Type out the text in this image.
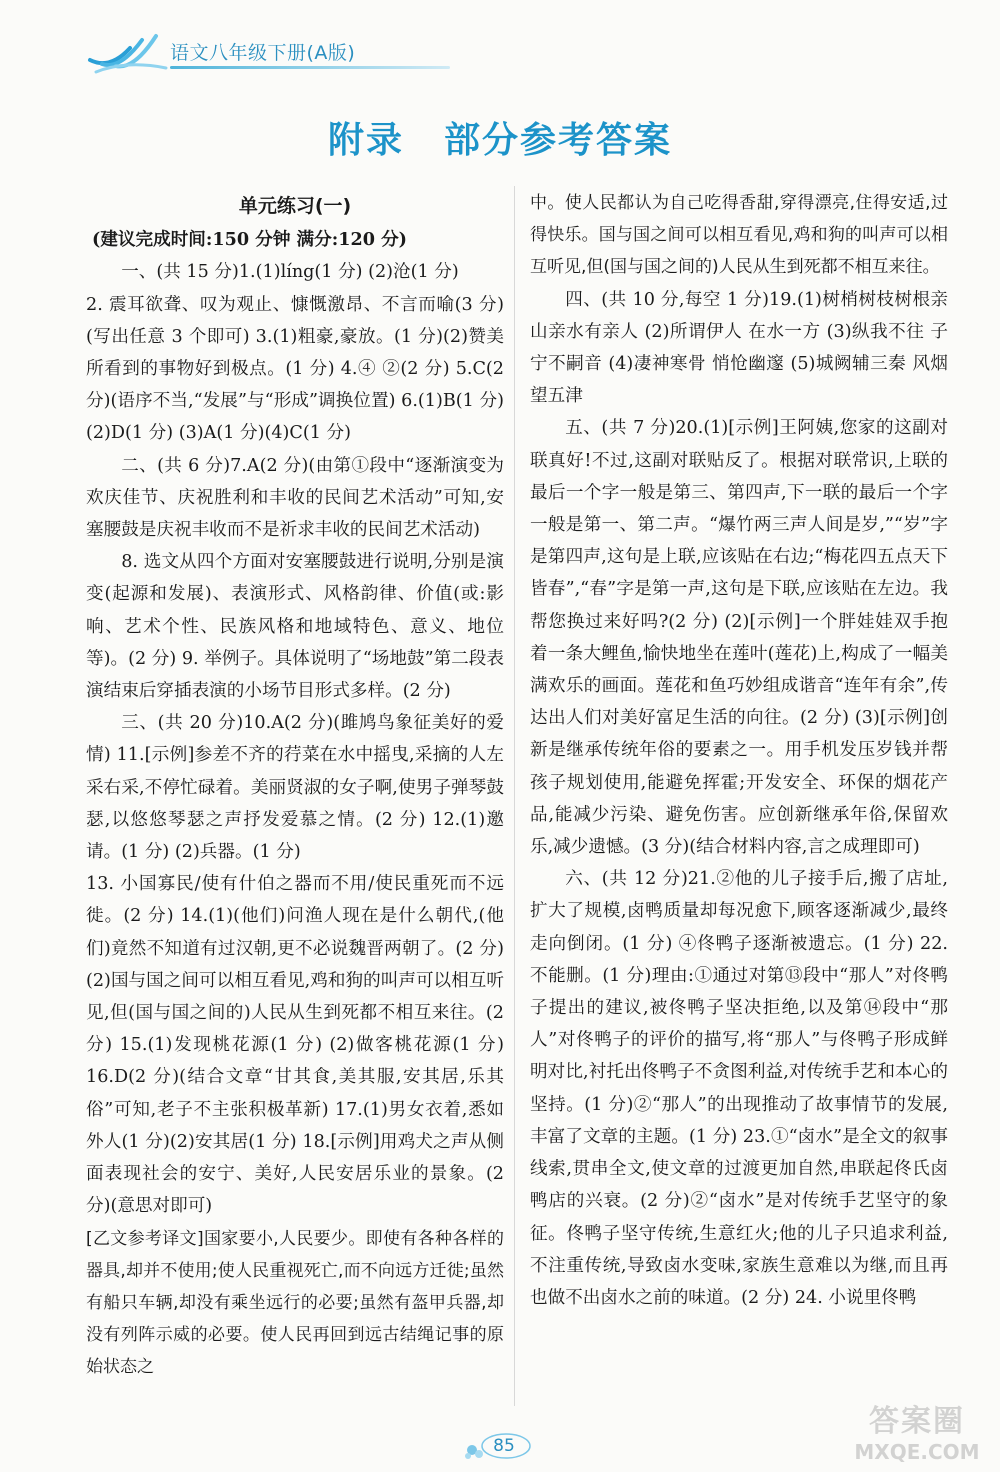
语文八年级下册(A版)
附录 部分参考答案
单元练习(一)
(建议完成时间:150 分钟 满分:120 分)

一、(共 15 分)1.(1)líng(1 分) (2)沧(1 分)

2. 震耳欲聋、叹为观止、慷慨激昂、不言而喻(3 分)(写出任意 3 个即可) 3.(1)粗豪,豪放。(1 分)(2)赞美所看到的事物好到极点。(1 分) 4.④ ②(2 分) 5.C(2 分)(语序不当,“发展”与“形成”调换位置) 6.(1)B(1 分) (2)D(1 分) (3)A(1 分)(4)C(1 分)

二、(共 6 分)7.A(2 分)(由第①段中“逐渐演变为欢庆佳节、庆祝胜利和丰收的民间艺术活动”可知,安塞腰鼓是庆祝丰收而不是祈求丰收的民间艺术活动)

8. 选文从四个方面对安塞腰鼓进行说明,分别是演变(起源和发展)、表演形式、风格韵律、价值(或:影响、艺术个性、民族风格和地域特色、意义、地位等)。(2 分) 9. 举例子。具体说明了“场地鼓”第二段表演结束后穿插表演的小场节目形式多样。(2 分)

三、(共 20 分)10.A(2 分)(雎鸠鸟象征美好的爱情) 11.[示例]参差不齐的荇菜在水中摇曳,采摘的人左采右采,不停忙碌着。美丽贤淑的女子啊,使男子弹琴鼓瑟,以悠悠琴瑟之声抒发爱慕之情。(2 分) 12.(1)邀请。(1 分) (2)兵器。(1 分)

13. 小国寡民/使有什伯之器而不用/使民重死而不远徙。(2 分) 14.(1)(他们)问渔人现在是什么朝代,(他们)竟然不知道有过汉朝,更不必说魏晋两朝了。(2 分) (2)国与国之间可以相互看见,鸡和狗的叫声可以相互听见,但(国与国之间的)人民从生到死都不相互来往。(2 分) 15.(1)发现桃花源(1 分) (2)做客桃花源(1 分) 16.D(2 分)(结合文章“甘其食,美其服,安其居,乐其俗”可知,老子不主张积极革新) 17.(1)男女衣着,悉如外人(1 分)(2)安其居(1 分) 18.[示例]用鸡犬之声从侧面表现社会的安宁、美好,人民安居乐业的景象。(2 分)(意思对即可)

[乙文参考译文]国家要小,人民要少。即使有各种各样的器具,却并不使用;使人民重视死亡,而不向远方迁徙;虽然有船只车辆,却没有乘坐远行的必要;虽然有盔甲兵器,却没有列阵示威的必要。使人民再回到远古结绳记事的原始状态之

中。使人民都认为自己吃得香甜,穿得漂亮,住得安适,过得快乐。国与国之间可以相互看见,鸡和狗的叫声可以相互听见,但(国与国之间的)人民从生到死都不相互来往。

四、(共 10 分,每空 1 分)19.(1)树梢树枝树根亲山亲水有亲人 (2)所谓伊人 在水一方 (3)纵我不往 子宁不嗣音 (4)凄神寒骨 悄怆幽邃 (5)城阙辅三秦 风烟望五津

五、(共 7 分)20.(1)[示例]王阿姨,您家的这副对联真好!不过,这副对联贴反了。根据对联常识,上联的最后一个字一般是第三、第四声,下一联的最后一个字一般是第一、第二声。“爆竹两三声人间是岁,”“岁”字是第四声,这句是上联,应该贴在右边;“梅花四五点天下皆春”,“春”字是第一声,这句是下联,应该贴在左边。我帮您换过来好吗?(2 分) (2)[示例]一个胖娃娃双手抱着一条大鲤鱼,愉快地坐在莲叶(莲花)上,构成了一幅美满欢乐的画面。莲花和鱼巧妙组成谐音“连年有余”,传达出人们对美好富足生活的向往。(2 分) (3)[示例]创新是继承传统年俗的要素之一。用手机发压岁钱并帮孩子规划使用,能避免挥霍;开发安全、环保的烟花产品,能减少污染、避免伤害。应创新继承年俗,保留欢乐,减少遗憾。(3 分)(结合材料内容,言之成理即可)

六、(共 12 分)21.②他的儿子接手后,搬了店址,扩大了规模,卤鸭质量却每况愈下,顾客逐渐减少,最终走向倒闭。(1 分) ④佟鸭子逐渐被遗忘。(1 分) 22. 不能删。(1 分)理由:①通过对第⑬段中“那人”对佟鸭子提出的建议,被佟鸭子坚决拒绝,以及第⑭段中“那人”对佟鸭子的评价的描写,将“那人”与佟鸭子形成鲜明对比,衬托出佟鸭子不贪图利益,对传统手艺和本心的坚持。(1 分)②“那人”的出现推动了故事情节的发展,丰富了文章的主题。(1 分) 23.①“卤水”是全文的叙事线索,贯串全文,使文章的过渡更加自然,串联起佟氏卤鸭店的兴衰。(2 分)②“卤水”是对传统手艺坚守的象征。佟鸭子坚守传统,生意红火;他的儿子只追求利益,不注重传统,导致卤水变味,家族生意难以为继,而且再也做不出卤水之前的味道。(2 分) 24. 小说里佟鸭

85
答案圈
MXQE.COM
